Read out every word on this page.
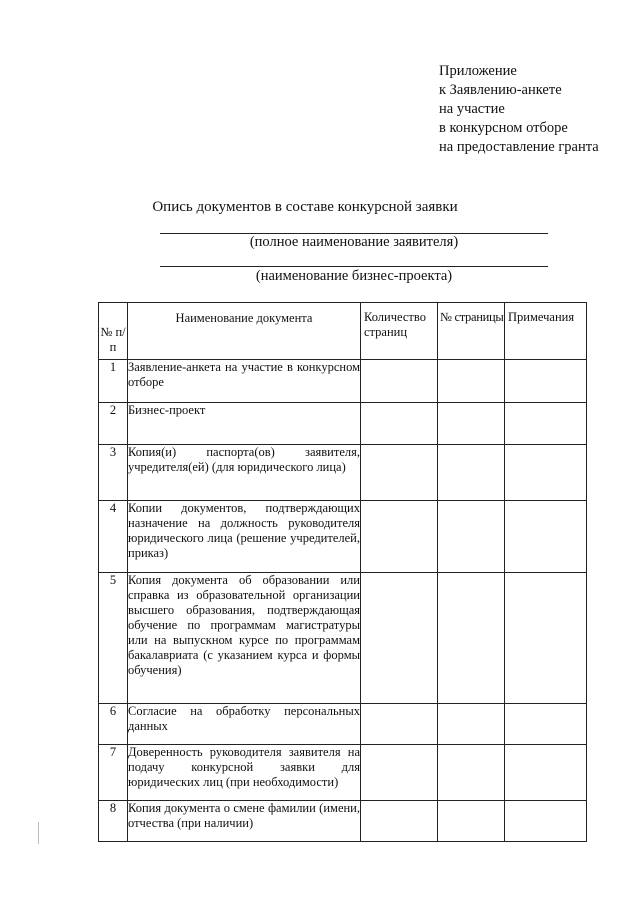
Приложение
к Заявлению-анкете
на участие
в конкурсном отборе
на предоставление гранта
Опись документов в составе конкурсной заявки
(полное наименование заявителя)
(наименование бизнес-проекта)
№ п/п	Наименование документа	Количество страниц	№ страницы	Примечания

1	Заявление-анкета на участие в конкурсном отборе			
2	Бизнес-проект			
3	Копия(и) паспорта(ов) заявителя, учредителя(ей) (для юридического лица)			
4	Копии документов, подтверждающих назначение на должность руководителя юридического лица (решение учредителей, приказ)			
5	Копия документа об образовании или справка из образовательной организации высшего образования, подтверждающая обучение по программам магистратуры или на выпускном курсе по программам бакалавриата (с указанием курса и формы обучения)			
6	Согласие на обработку персональных данных			
7	Доверенность руководителя заявителя на подачу конкурсной заявки для юридических лиц (при необходимости)			
8	Копия документа о смене фамилии (имени, отчества (при наличии)			
